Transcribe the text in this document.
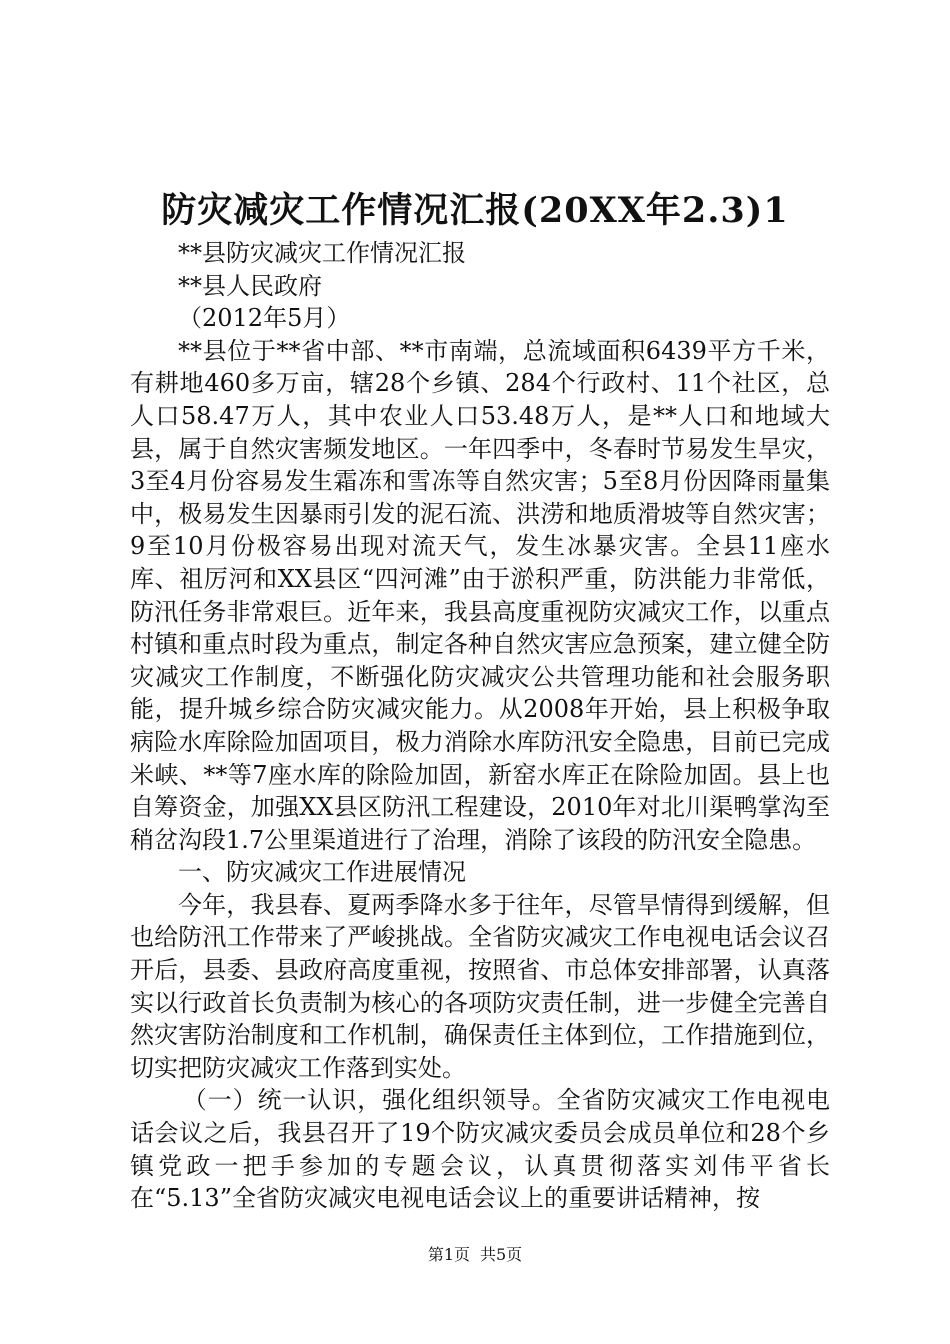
防灾减灾工作情况汇报(20XX年2.3)1

**县防灾减灾工作情况汇报

**县人民政府

（2012年5月）

**县位于**省中部、**市南端，总流域面积6439平方千米，有耕地460多万亩，辖28个乡镇、284个行政村、11个社区，总人口58.47万人，其中农业人口53.48万人，是**人口和地域大县，属于自然灾害频发地区。一年四季中，冬春时节易发生旱灾，3至4月份容易发生霜冻和雪冻等自然灾害；5至8月份因降雨量集中，极易发生因暴雨引发的泥石流、洪涝和地质滑坡等自然灾害；9至10月份极容易出现对流天气，发生冰暴灾害。全县11座水库、祖厉河和XX县区“四河滩”由于淤积严重，防洪能力非常低，防汛任务非常艰巨。近年来，我县高度重视防灾减灾工作，以重点村镇和重点时段为重点，制定各种自然灾害应急预案，建立健全防灾减灾工作制度，不断强化防灾减灾公共管理功能和社会服务职能，提升城乡综合防灾减灾能力。从2008年开始，县上积极争取病险水库除险加固项目，极力消除水库防汛安全隐患，目前已完成米峡、**等7座水库的除险加固，新窑水库正在除险加固。县上也自筹资金，加强XX县区防汛工程建设，2010年对北川渠鸭掌沟至稍岔沟段1.7公里渠道进行了治理，消除了该段的防汛安全隐患。

一、防灾减灾工作进展情况

今年，我县春、夏两季降水多于往年，尽管旱情得到缓解，但也给防汛工作带来了严峻挑战。全省防灾减灾工作电视电话会议召开后，县委、县政府高度重视，按照省、市总体安排部署，认真落实以行政首长负责制为核心的各项防灾责任制，进一步健全完善自然灾害防治制度和工作机制，确保责任主体到位，工作措施到位，切实把防灾减灾工作落到实处。

（一）统一认识，强化组织领导。全省防灾减灾工作电视电话会议之后，我县召开了19个防灾减灾委员会成员单位和28个乡镇党政一把手参加的专题会议，认真贯彻落实刘伟平省长在“5.13”全省防灾减灾电视电话会议上的重要讲话精神，按

第1页 共5页
